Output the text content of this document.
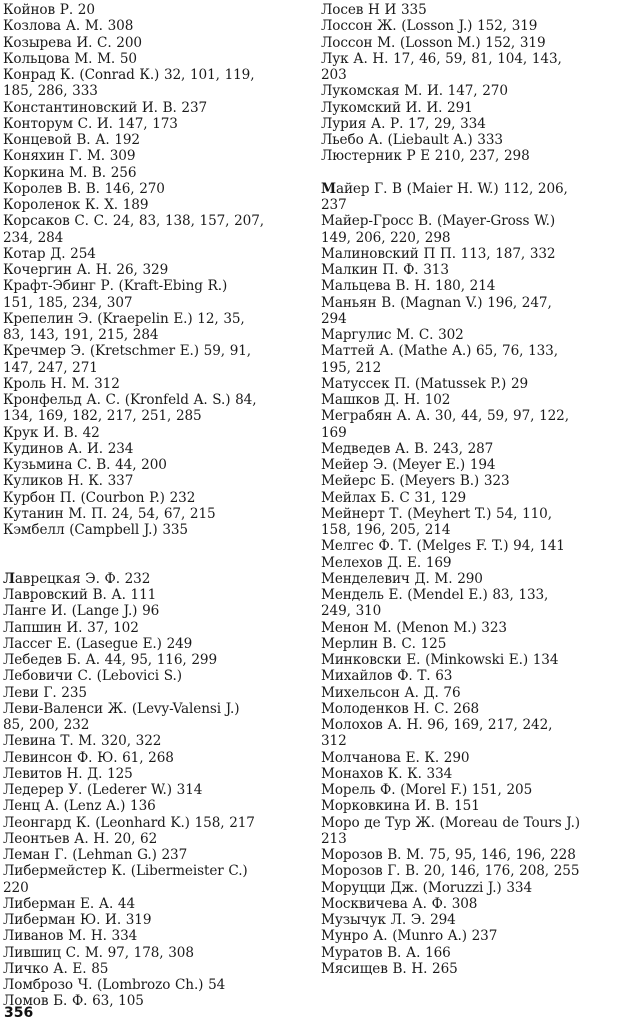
Койнов Р. 20
Козлова А. М. 308
Козырева И. С. 200
Кольцова М. М. 50
Конрад К. (Conrad К.) 32, 101, 119,
185, 286, 333
Константиновский И. В. 237
Конторум С. И. 147, 173
Концевой В. А. 192
Коняхин Г. М. 309
Коркина М. В. 256
Королев В. В. 146, 270
Короленок К. X. 189
Корсаков С. С. 24, 83, 138, 157, 207,
234, 284
Котар Д. 254
Кочергин А. Н. 26, 329
Крафт-Эбинг Р. (Kraft-Ebing R.)
151, 185, 234, 307
Крепелин Э. (Kraepelin E.) 12, 35,
83, 143, 191, 215, 284
Кречмер Э. (Kretschmer E.) 59, 91,
147, 247, 271
Кроль Н. М. 312
Кронфельд А. С. (Kronfeld A. S.) 84,
134, 169, 182, 217, 251, 285
Крук И. В. 42
Кудинов А. И. 234
Кузьмина С. В. 44, 200
Куликов Н. К. 337
Курбон П. (Courbon P.) 232
Кутанин М. П. 24, 54, 67, 215
Кэмбелл (Campbell J.) 335
Лаврецкая Э. Ф. 232
Лавровский В. А. 111
Ланге И. (Lange J.) 96
Лапшин И. 37, 102
Лассег Е. (Lasegue E.) 249
Лебедев Б. А. 44, 95, 116, 299
Лебовичи С. (Lebovici S.)
Леви Г. 235
Леви-Валенси Ж. (Levy-Valensi J.)
85, 200, 232
Левина Т. М. 320, 322
Левинсон Ф. Ю. 61, 268
Левитов Н. Д. 125
Ледерер У. (Lederer W.) 314
Ленц А. (Lenz A.) 136
Леонгард К. (Leonhard K.) 158, 217
Леонтьев А. Н. 20, 62
Леман Г. (Lehman G.) 237
Либермейстер К. (Libermeister C.)
220
Либерман Е. А. 44
Либерман Ю. И. 319
Ливанов М. Н. 334
Лившиц С. М. 97, 178, 308
Личко А. Е. 85
Ломброзо Ч. (Lombrozo Ch.) 54
Ломов Б. Ф. 63, 105
Лосев Н И 335
Лоссон Ж. (Losson J.) 152, 319
Лоссон М. (Losson M.) 152, 319
Лук А. Н. 17, 46, 59, 81, 104, 143,
203
Лукомская М. И. 147, 270
Лукомский И. И. 291
Лурия А. Р. 17, 29, 334
Льебо А. (Liebault A.) 333
Люстерник Р Е 210, 237, 298
Майер Г. В (Maier H. W.) 112, 206,
237
Майер-Гросс В. (Mayer-Gross W.)
149, 206, 220, 298
Малиновский П П. 113, 187, 332
Малкин П. Ф. 313
Мальцева В. Н. 180, 214
Маньян В. (Magnan V.) 196, 247,
294
Маргулис М. С. 302
Маттей А. (Mathe A.) 65, 76, 133,
195, 212
Матуссек П. (Matussek P.) 29
Машков Д. Н. 102
Меграбян А. А. 30, 44, 59, 97, 122,
169
Медведев А. В. 243, 287
Мейер Э. (Meyer E.) 194
Мейерс Б. (Meyers B.) 323
Мейлах Б. С 31, 129
Мейнерт Т. (Meyhert T.) 54, 110,
158, 196, 205, 214
Мелгес Ф. Т. (Melges F. T.) 94, 141
Мелехов Д. Е. 169
Менделевич Д. М. 290
Мендель Е. (Mendel E.) 83, 133,
249, 310
Менон М. (Menon M.) 323
Мерлин В. С. 125
Минковски Е. (Minkowski E.) 134
Михайлов Ф. Т. 63
Михельсон А. Д. 76
Молоденков Н. С. 268
Молохов А. Н. 96, 169, 217, 242,
312
Молчанова Е. К. 290
Монахов К. К. 334
Морель Ф. (Morel F.) 151, 205
Морковкина И. В. 151
Моро де Тур Ж. (Moreau de Tours J.)
213
Морозов В. М. 75, 95, 146, 196, 228
Морозов Г. В. 20, 146, 176, 208, 255
Моруцци Дж. (Moruzzi J.) 334
Москвичева А. Ф. 308
Музычук Л. Э. 294
Мунро А. (Munro A.) 237
Муратов В. А. 166
Мясищев В. Н. 265
356
